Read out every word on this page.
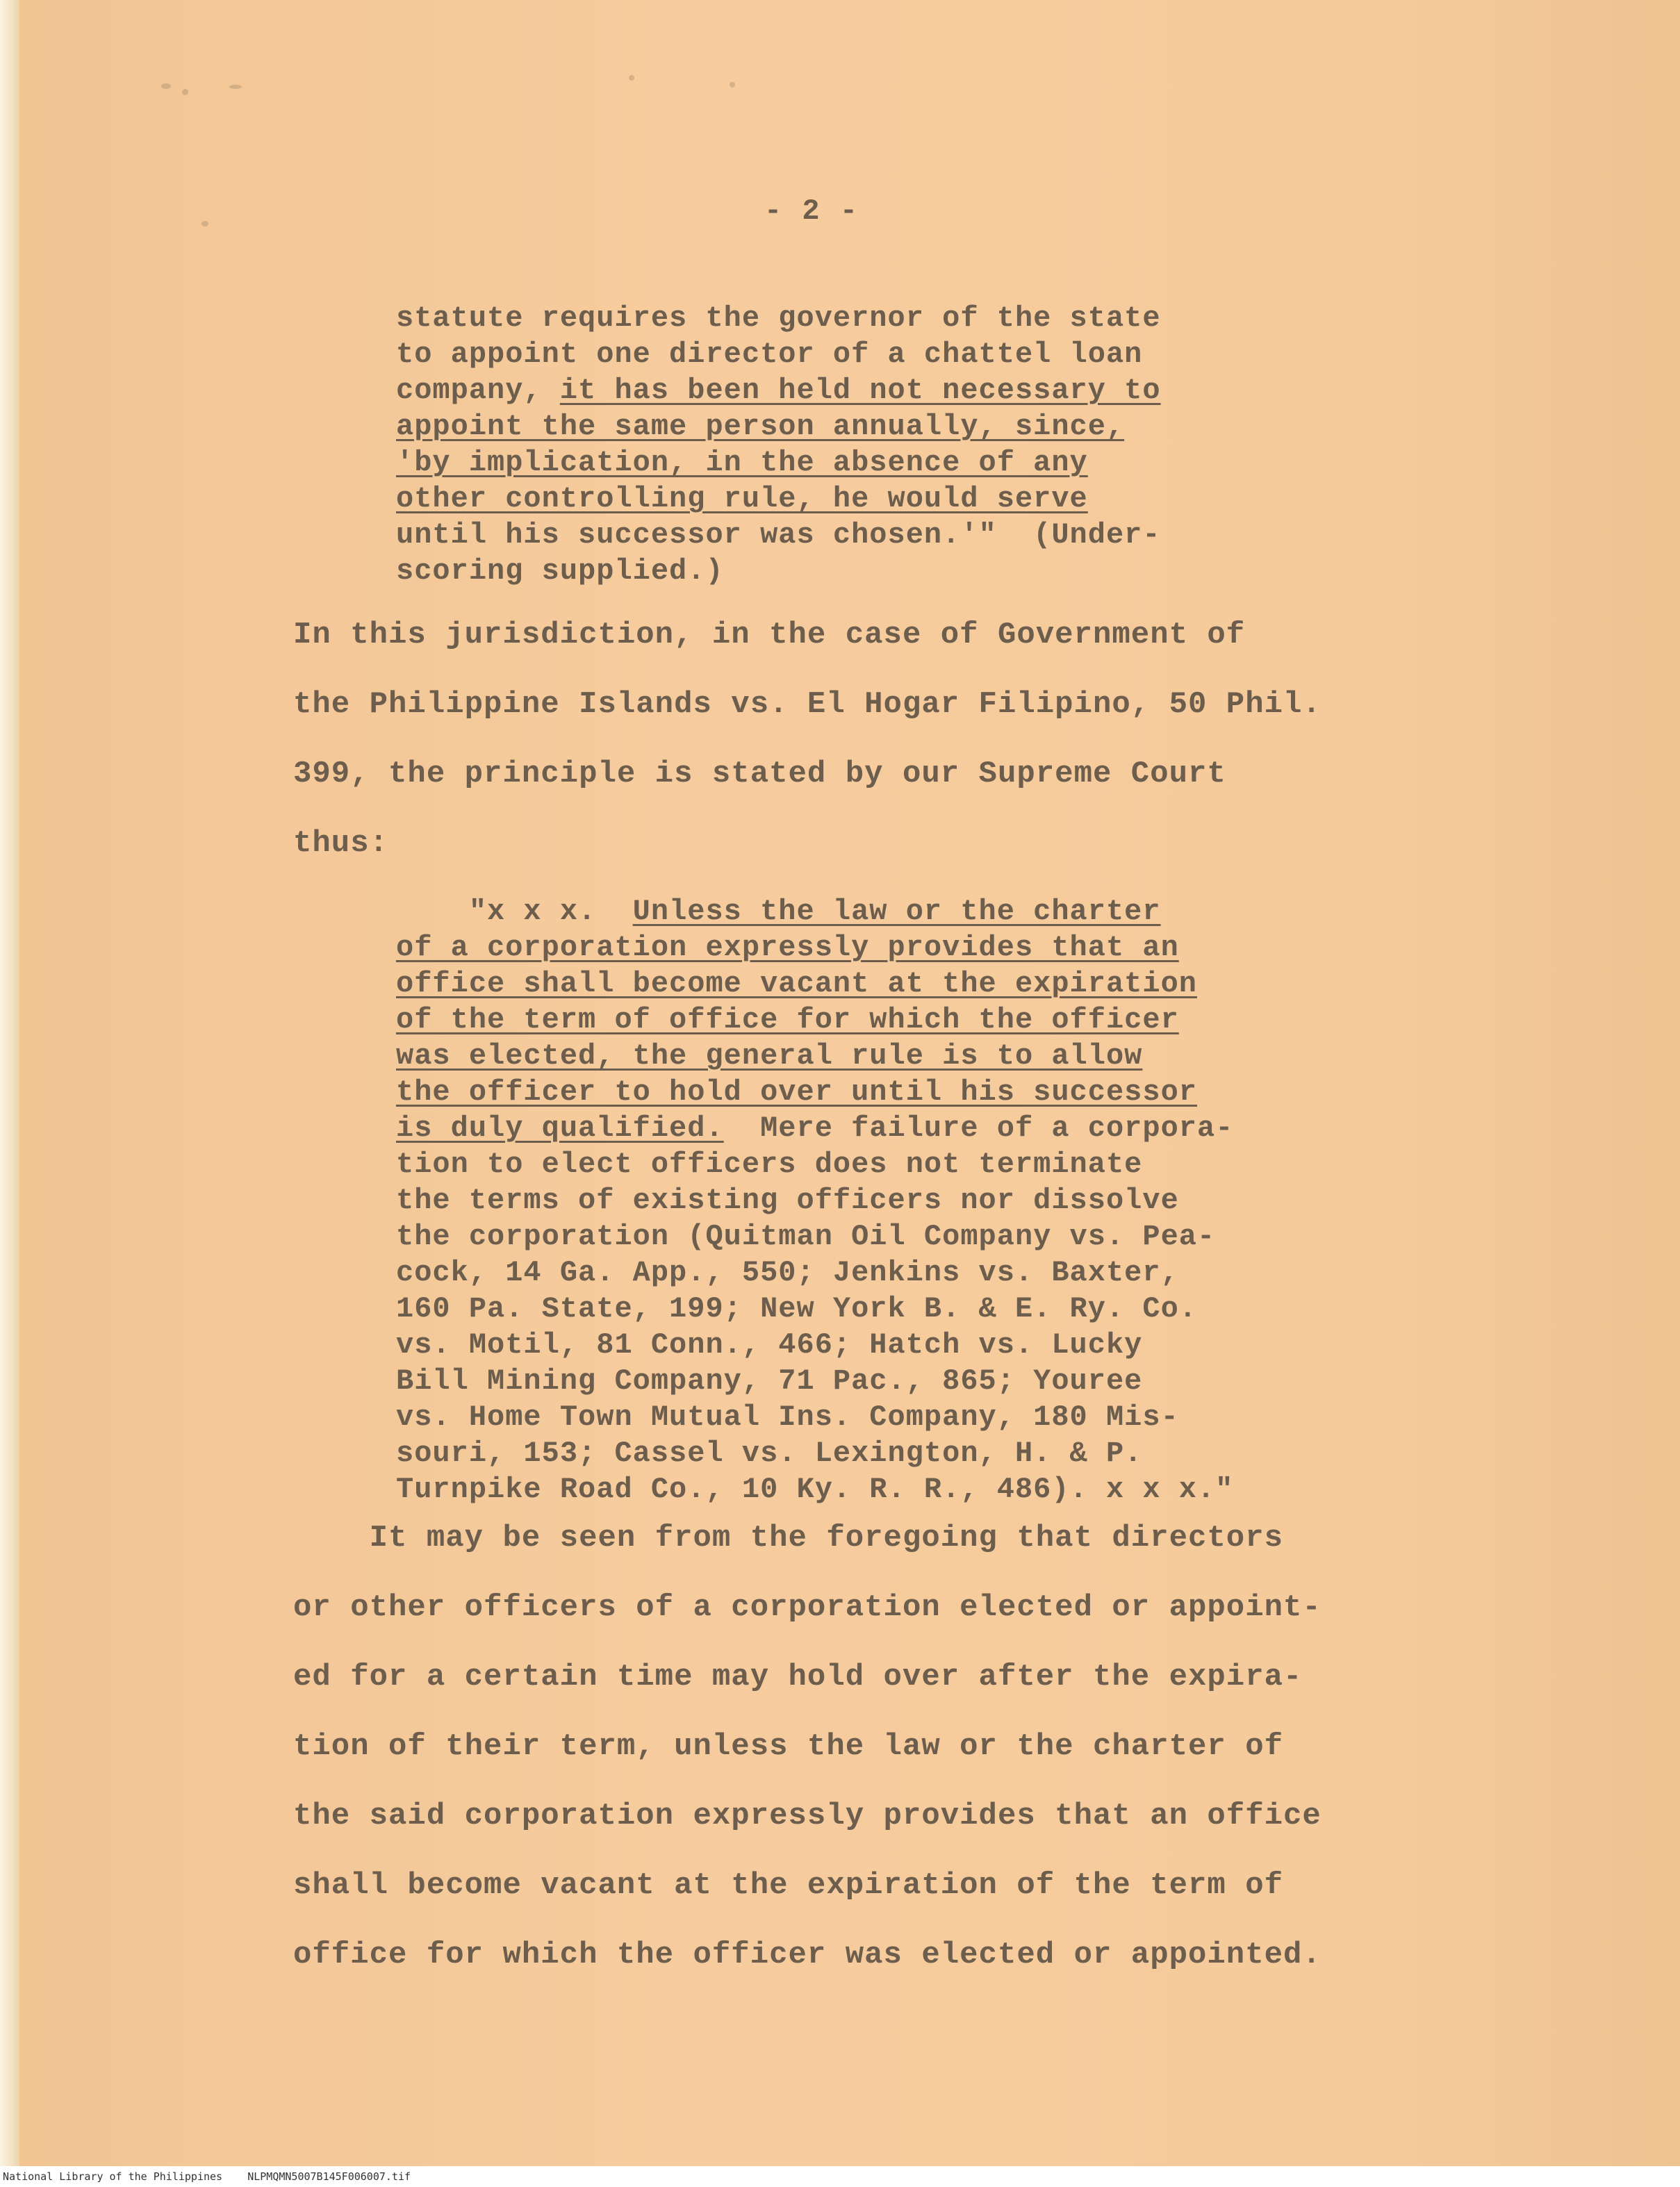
- 2 -
statute requires the governor of the state
to appoint one director of a chattel loan
company, it has been held not necessary to
appoint the same person annually, since,
'by implication, in the absence of any
other controlling rule, he would serve
until his successor was chosen.'"  (Under-
scoring supplied.)
In this jurisdiction, in the case of Government of
the Philippine Islands vs. El Hogar Filipino, 50 Phil.
399, the principle is stated by our Supreme Court
thus:
"x x x.  Unless the law or the charter
of a corporation expressly provides that an
office shall become vacant at the expiration
of the term of office for which the officer
was elected, the general rule is to allow
the officer to hold over until his successor
is duly qualified.  Mere failure of a corpora-
tion to elect officers does not terminate
the terms of existing officers nor dissolve
the corporation (Quitman Oil Company vs. Pea-
cock, 14 Ga. App., 550; Jenkins vs. Baxter,
160 Pa. State, 199; New York B. & E. Ry. Co.
vs. Motil, 81 Conn., 466; Hatch vs. Lucky
Bill Mining Company, 71 Pac., 865; Youree
vs. Home Town Mutual Ins. Company, 180 Mis-
souri, 153; Cassel vs. Lexington, H. & P.
Turnpike Road Co., 10 Ky. R. R., 486). x x x."
It may be seen from the foregoing that directors
or other officers of a corporation elected or appoint-
ed for a certain time may hold over after the expira-
tion of their term, unless the law or the charter of
the said corporation expressly provides that an office
shall become vacant at the expiration of the term of
office for which the officer was elected or appointed.
National Library of the Philippines NLPMQMN5007B145F006007.tif
